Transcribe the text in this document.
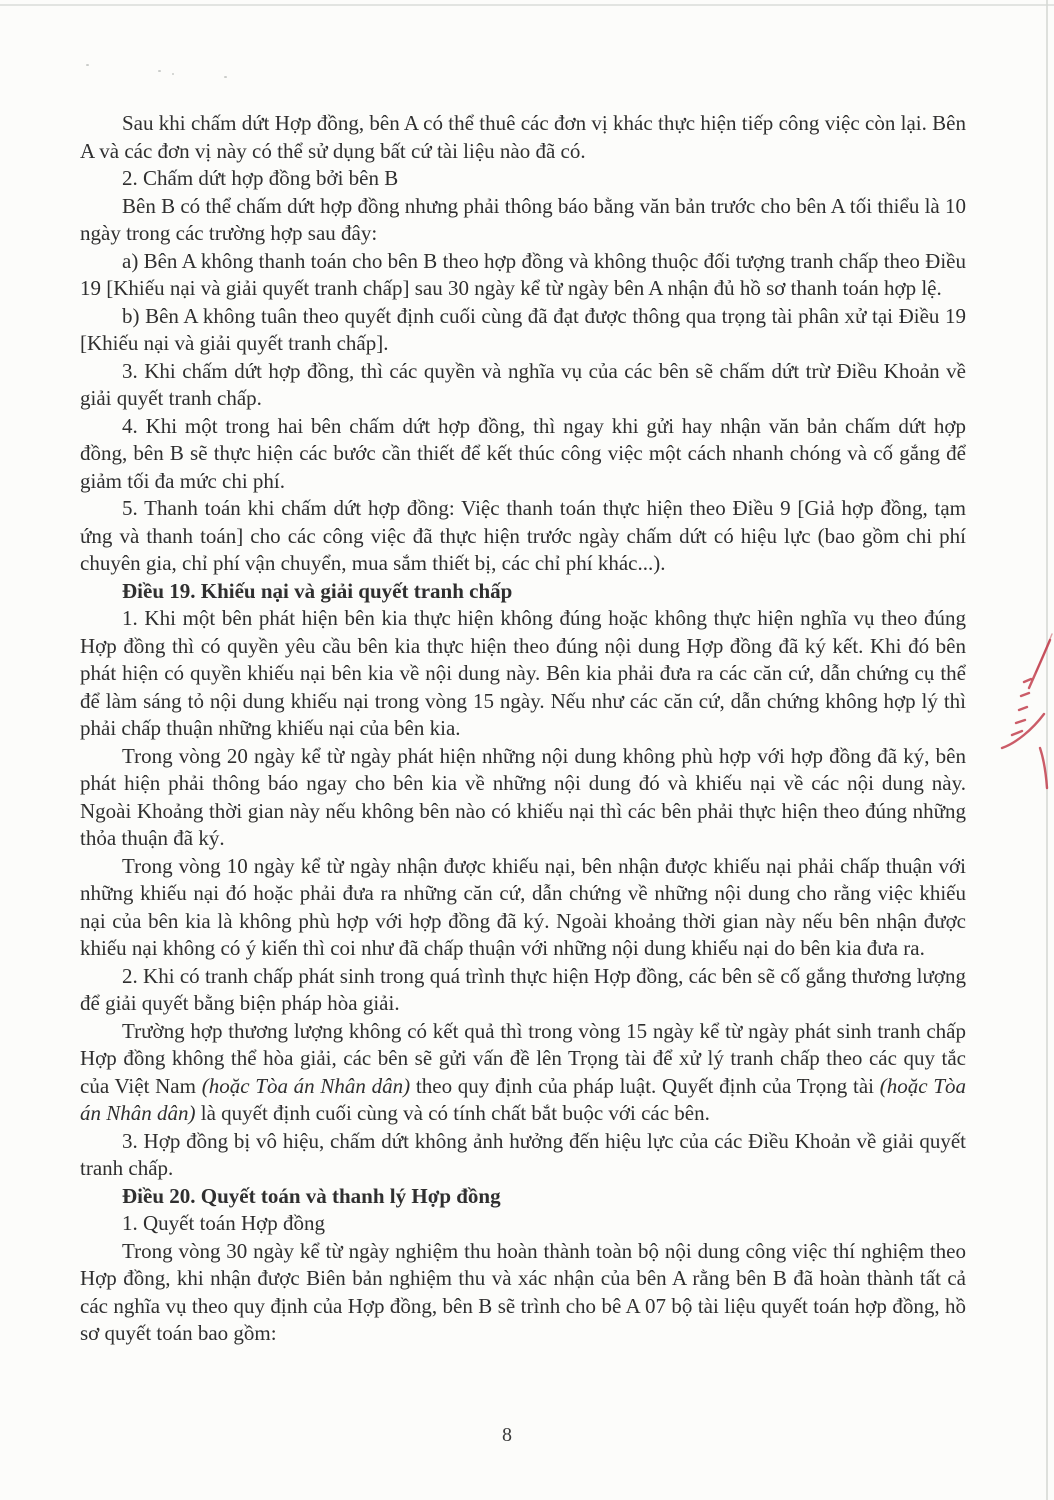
Sau khi chấm dứt Hợp đồng, bên A có thể thuê các đơn vị khác thực hiện tiếp công việc còn lại. Bên A và các đơn vị này có thể sử dụng bất cứ tài liệu nào đã có.

2. Chấm dứt hợp đồng bởi bên B

Bên B có thể chấm dứt hợp đồng nhưng phải thông báo bằng văn bản trước cho bên A tối thiểu là 10 ngày trong các trường hợp sau đây:

a) Bên A không thanh toán cho bên B theo hợp đồng và không thuộc đối tượng tranh chấp theo Điều 19 [Khiếu nại và giải quyết tranh chấp] sau 30 ngày kể từ ngày bên A nhận đủ hồ sơ thanh toán hợp lệ.

b) Bên A không tuân theo quyết định cuối cùng đã đạt được thông qua trọng tài phân xử tại Điều 19 [Khiếu nại và giải quyết tranh chấp].

3. Khi chấm dứt hợp đồng, thì các quyền và nghĩa vụ của các bên sẽ chấm dứt trừ Điều Khoản về giải quyết tranh chấp.

4. Khi một trong hai bên chấm dứt hợp đồng, thì ngay khi gửi hay nhận văn bản chấm dứt hợp đồng, bên B sẽ thực hiện các bước cần thiết để kết thúc công việc một cách nhanh chóng và cố gắng để giảm tối đa mức chi phí.

5. Thanh toán khi chấm dứt hợp đồng: Việc thanh toán thực hiện theo Điều 9 [Giả hợp đồng, tạm ứng và thanh toán] cho các công việc đã thực hiện trước ngày chấm dứt có hiệu lực (bao gồm chi phí chuyên gia, chỉ phí vận chuyển, mua sắm thiết bị, các chỉ phí khác...).

Điều 19. Khiếu nại và giải quyết tranh chấp

1. Khi một bên phát hiện bên kia thực hiện không đúng hoặc không thực hiện nghĩa vụ theo đúng Hợp đồng thì có quyền yêu cầu bên kia thực hiện theo đúng nội dung Hợp đồng đã ký kết. Khi đó bên phát hiện có quyền khiếu nại bên kia về nội dung này. Bên kia phải đưa ra các căn cứ, dẫn chứng cụ thể để làm sáng tỏ nội dung khiếu nại trong vòng 15 ngày. Nếu như các căn cứ, dẫn chứng không hợp lý thì phải chấp thuận những khiếu nại của bên kia.

Trong vòng 20 ngày kể từ ngày phát hiện những nội dung không phù hợp với hợp đồng đã ký, bên phát hiện phải thông báo ngay cho bên kia về những nội dung đó và khiếu nại về các nội dung này. Ngoài Khoảng thời gian này nếu không bên nào có khiếu nại thì các bên phải thực hiện theo đúng những thỏa thuận đã ký.

Trong vòng 10 ngày kể từ ngày nhận được khiếu nại, bên nhận được khiếu nại phải chấp thuận với những khiếu nại đó hoặc phải đưa ra những căn cứ, dẫn chứng về những nội dung cho rằng việc khiếu nại của bên kia là không phù hợp với hợp đồng đã ký. Ngoài khoảng thời gian này nếu bên nhận được khiếu nại không có ý kiến thì coi như đã chấp thuận với những nội dung khiếu nại do bên kia đưa ra.

2. Khi có tranh chấp phát sinh trong quá trình thực hiện Hợp đồng, các bên sẽ cố gắng thương lượng để giải quyết bằng biện pháp hòa giải.

Trường hợp thương lượng không có kết quả thì trong vòng 15 ngày kể từ ngày phát sinh tranh chấp Hợp đồng không thể hòa giải, các bên sẽ gửi vấn đề lên Trọng tài để xử lý tranh chấp theo các quy tắc của Việt Nam (hoặc Tòa án Nhân dân) theo quy định của pháp luật. Quyết định của Trọng tài (hoặc Tòa án Nhân dân) là quyết định cuối cùng và có tính chất bắt buộc với các bên.

3. Hợp đồng bị vô hiệu, chấm dứt không ảnh hưởng đến hiệu lực của các Điều Khoản về giải quyết tranh chấp.

Điều 20. Quyết toán và thanh lý Hợp đồng

1. Quyết toán Hợp đồng

Trong vòng 30 ngày kể từ ngày nghiệm thu hoàn thành toàn bộ nội dung công việc thí nghiệm theo Hợp đồng, khi nhận được Biên bản nghiệm thu và xác nhận của bên A rằng bên B đã hoàn thành tất cả các nghĩa vụ theo quy định của Hợp đồng, bên B sẽ trình cho bê A 07 bộ tài liệu quyết toán hợp đồng, hồ sơ quyết toán bao gồm:

8
